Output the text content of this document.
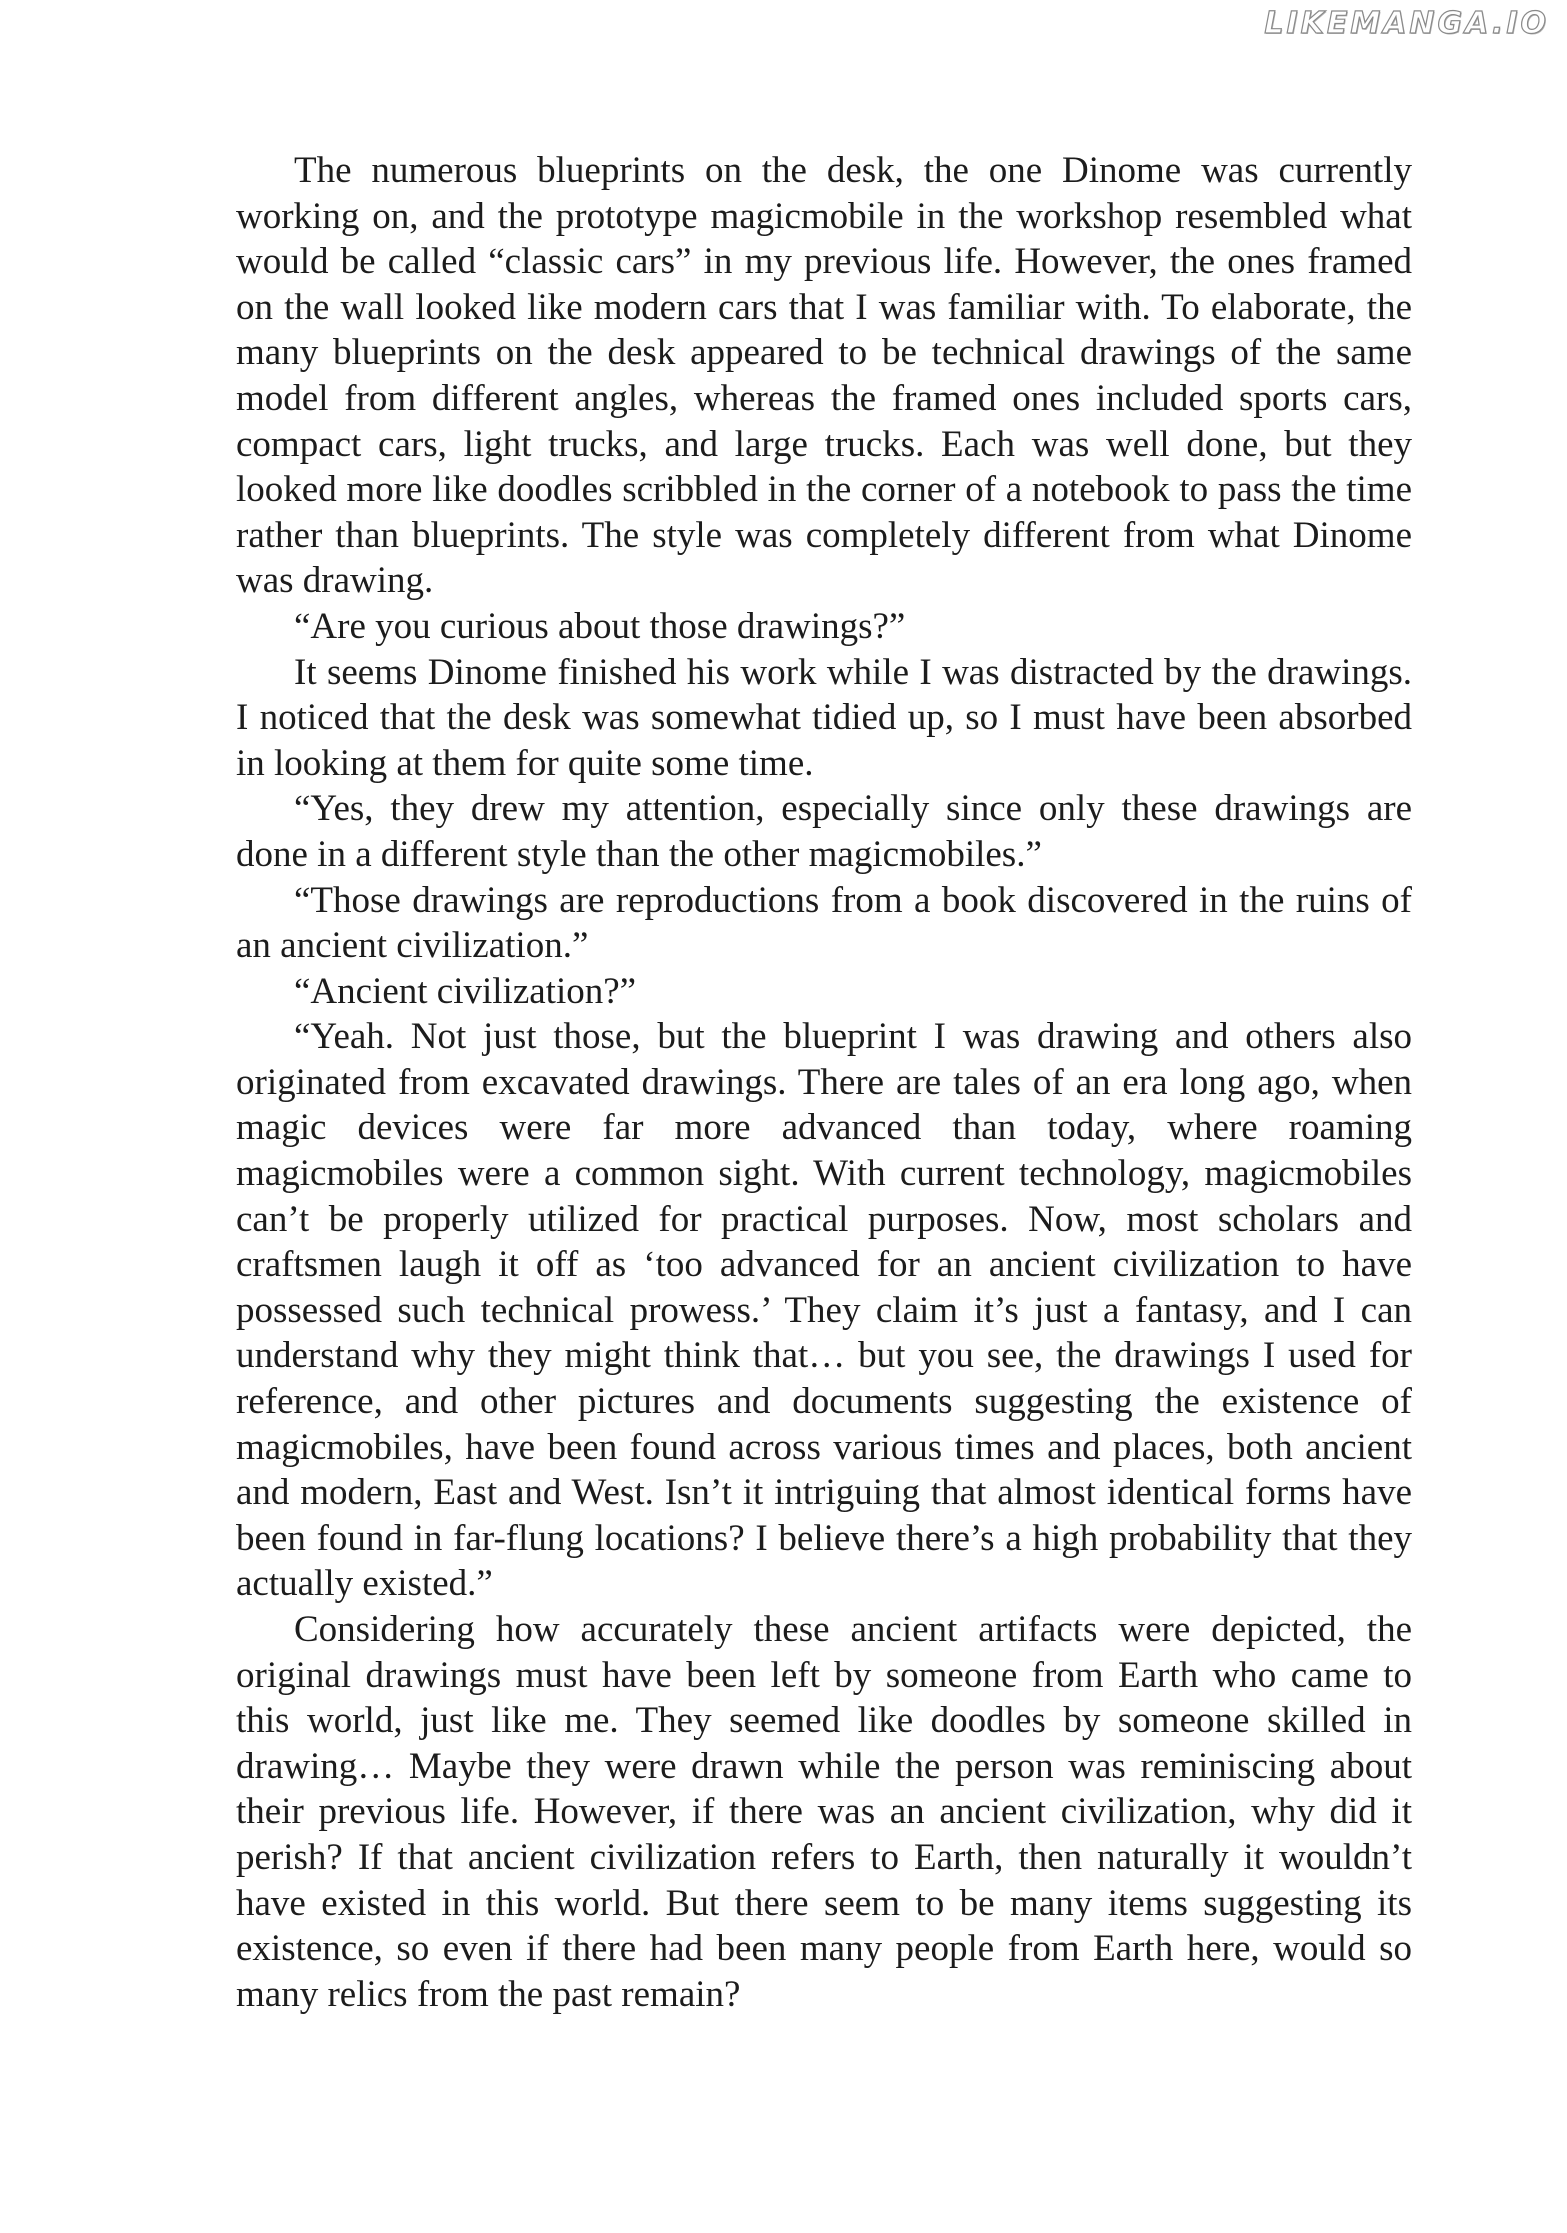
LIKEMANGA.IO

The numerous blueprints on the desk, the one Dinome was currently working on, and the prototype magicmobile in the workshop resembled what would be called “classic cars” in my previous life. However, the ones framed on the wall looked like modern cars that I was familiar with. To elaborate, the many blueprints on the desk appeared to be technical drawings of the same model from different angles, whereas the framed ones included sports cars, compact cars, light trucks, and large trucks. Each was well done, but they looked more like doodles scribbled in the corner of a notebook to pass the time rather than blueprints. The style was completely different from what Dinome was drawing.

“Are you curious about those drawings?”

It seems Dinome finished his work while I was distracted by the drawings. I noticed that the desk was somewhat tidied up, so I must have been absorbed in looking at them for quite some time.

“Yes, they drew my attention, especially since only these drawings are done in a different style than the other magicmobiles.”

“Those drawings are reproductions from a book discovered in the ruins of an ancient civilization.”

“Ancient civilization?”

“Yeah. Not just those, but the blueprint I was drawing and others also originated from excavated drawings. There are tales of an era long ago, when magic devices were far more advanced than today, where roaming magicmobiles were a common sight. With current technology, magicmobiles can’t be properly utilized for practical purposes. Now, most scholars and craftsmen laugh it off as ‘too advanced for an ancient civilization to have possessed such technical prowess.’ They claim it’s just a fantasy, and I can understand why they might think that… but you see, the drawings I used for reference, and other pictures and documents suggesting the existence of magicmobiles, have been found across various times and places, both ancient and modern, East and West. Isn’t it intriguing that almost identical forms have been found in far-flung locations? I believe there’s a high probability that they actually existed.”

Considering how accurately these ancient artifacts were depicted, the original drawings must have been left by someone from Earth who came to this world, just like me. They seemed like doodles by someone skilled in drawing… Maybe they were drawn while the person was reminiscing about their previous life. However, if there was an ancient civilization, why did it perish? If that ancient civilization refers to Earth, then naturally it wouldn’t have existed in this world. But there seem to be many items suggesting its existence, so even if there had been many people from Earth here, would so many relics from the past remain?
